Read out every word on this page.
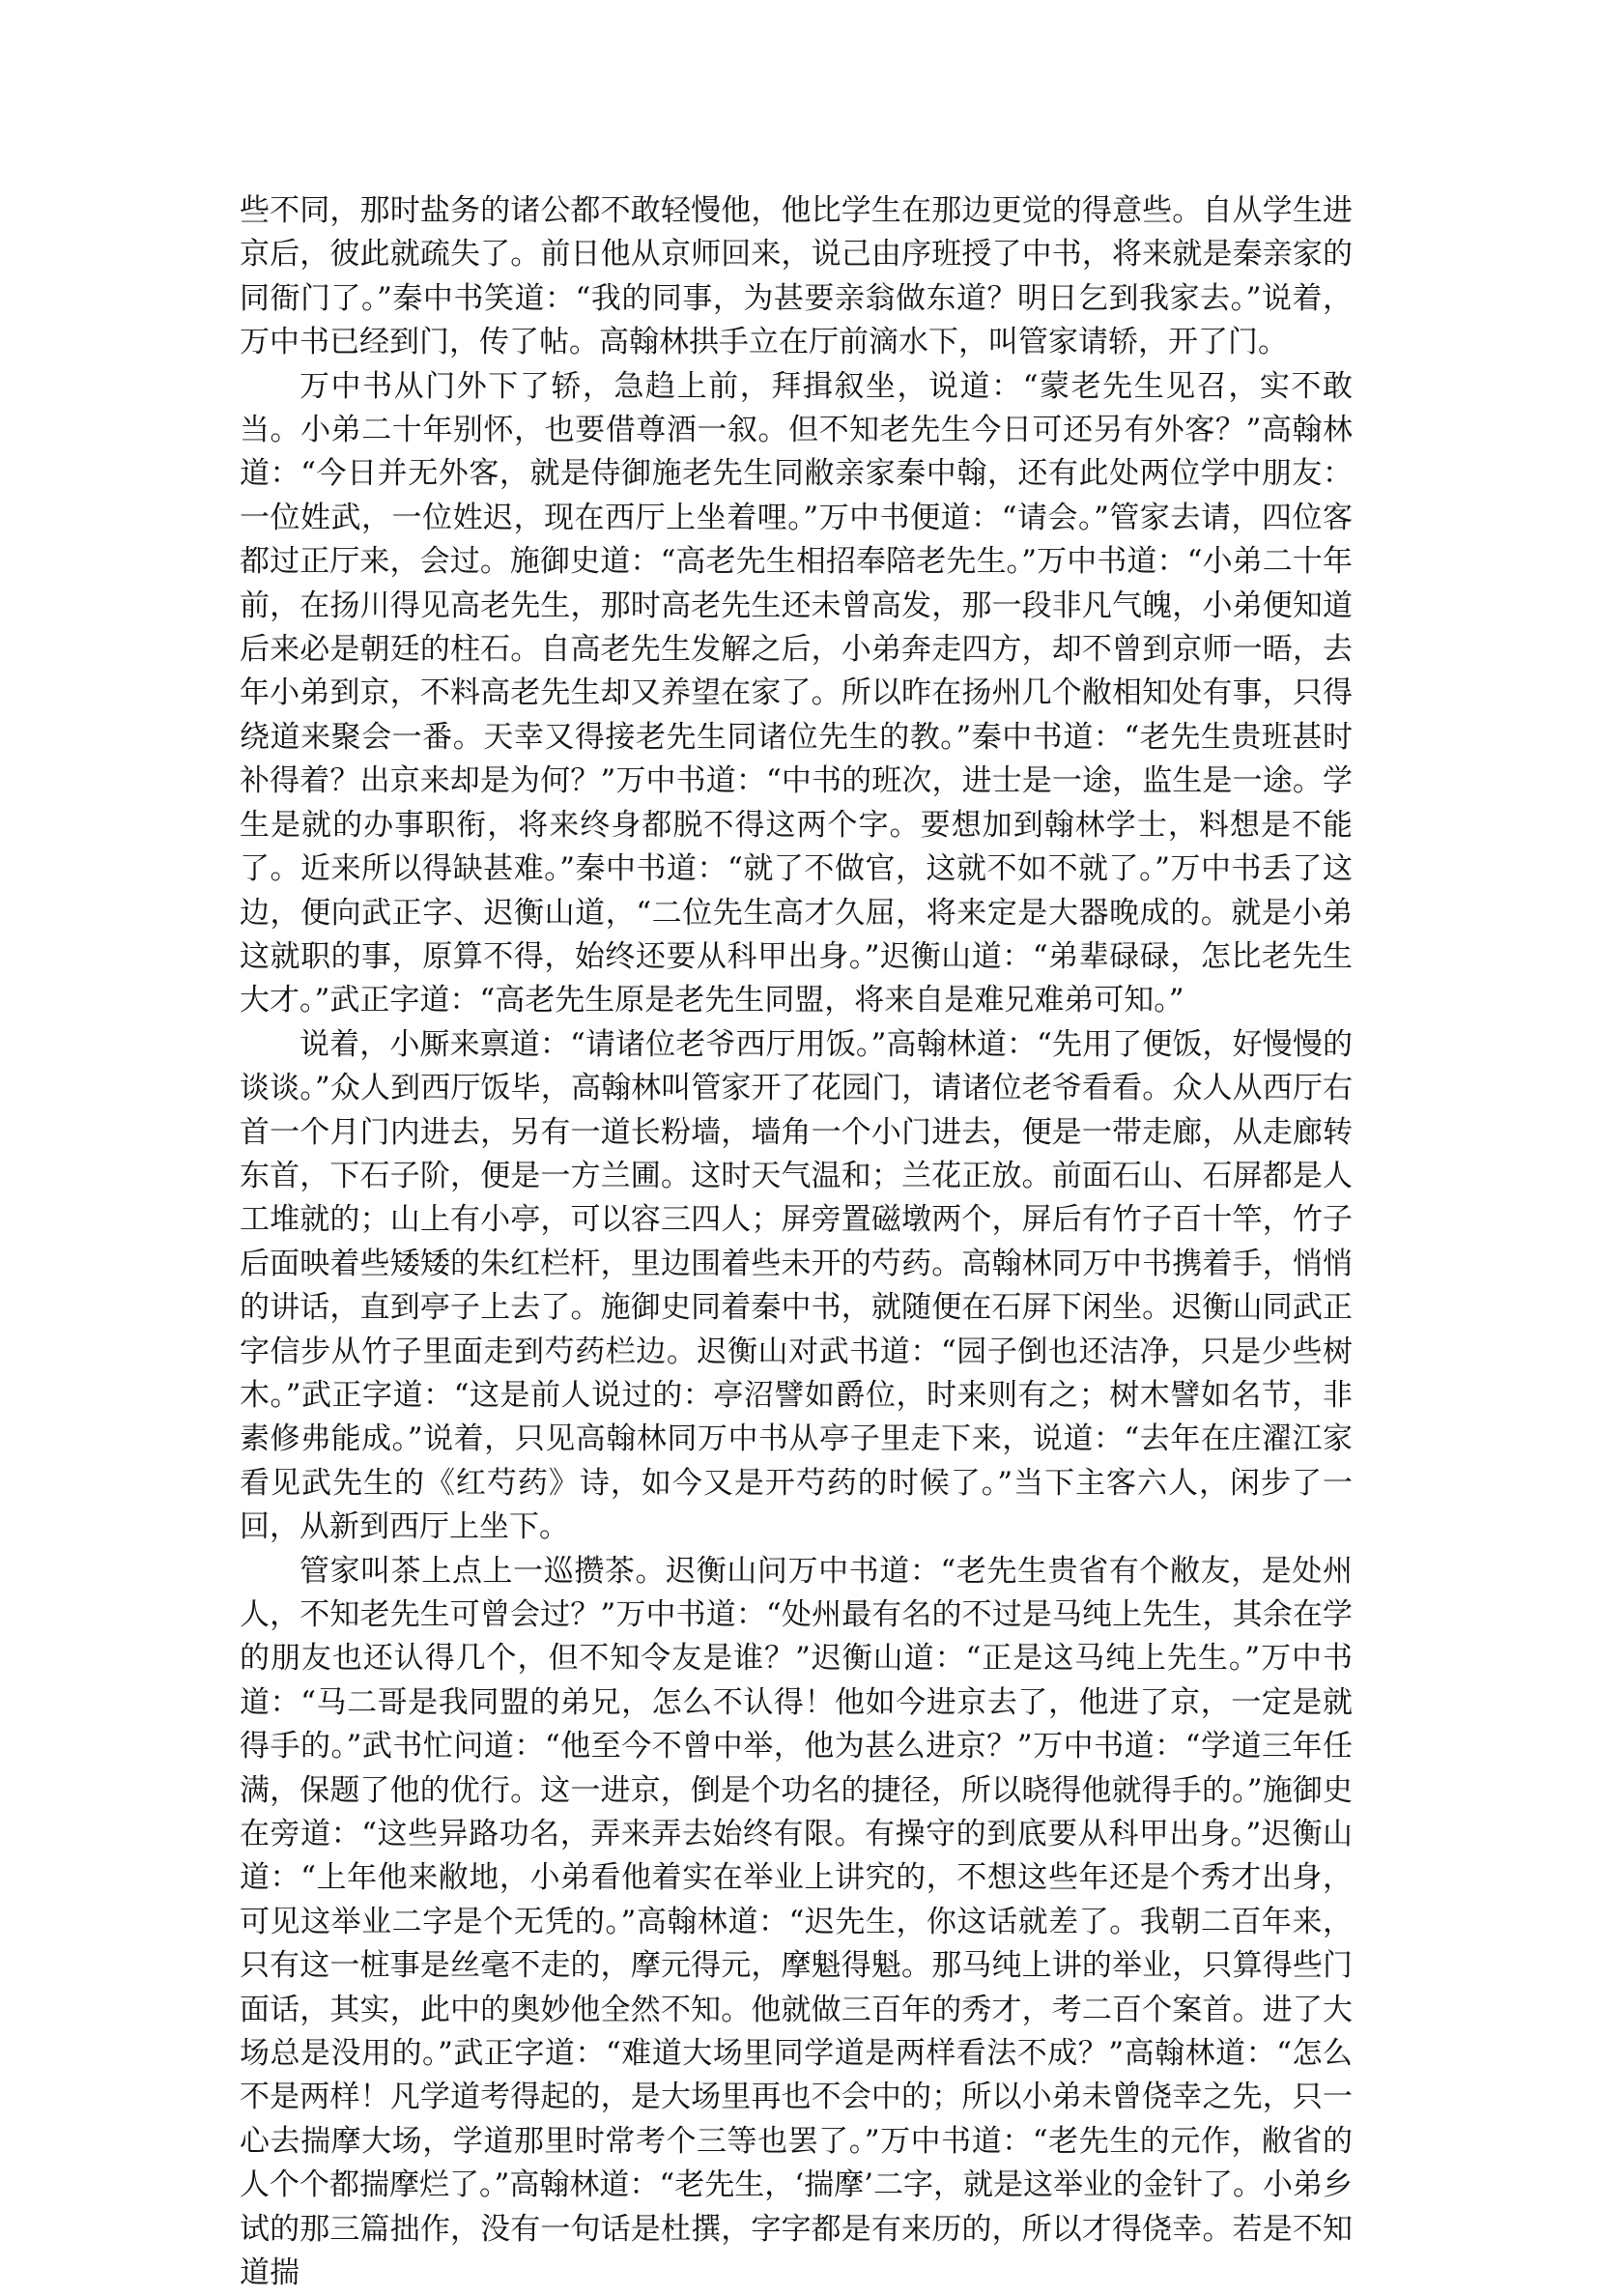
些不同，那时盐务的诸公都不敢轻慢他，他比学生在那边更觉的得意些。自从学生进京后，彼此就疏失了。前日他从京师回来，说己由序班授了中书，将来就是秦亲家的同衙门了。”秦中书笑道：“我的同事，为甚要亲翁做东道？明日乞到我家去。”说着，万中书已经到门，传了帖。高翰林拱手立在厅前滴水下，叫管家请轿，开了门。

万中书从门外下了轿，急趋上前，拜揖叙坐，说道：“蒙老先生见召，实不敢当。小弟二十年别怀，也要借尊酒一叙。但不知老先生今日可还另有外客？”高翰林道：“今日并无外客，就是侍御施老先生同敝亲家秦中翰，还有此处两位学中朋友：一位姓武，一位姓迟，现在西厅上坐着哩。”万中书便道：“请会。”管家去请，四位客都过正厅来，会过。施御史道：“高老先生相招奉陪老先生。”万中书道：“小弟二十年前，在扬川得见高老先生，那时高老先生还未曾高发，那一段非凡气魄，小弟便知道后来必是朝廷的柱石。自高老先生发解之后，小弟奔走四方，却不曾到京师一晤，去年小弟到京，不料高老先生却又养望在家了。所以昨在扬州几个敝相知处有事，只得绕道来聚会一番。天幸又得接老先生同诸位先生的教。”秦中书道：“老先生贵班甚时补得着？出京来却是为何？”万中书道：“中书的班次，进士是一途，监生是一途。学生是就的办事职衔，将来终身都脱不得这两个字。要想加到翰林学士，料想是不能了。近来所以得缺甚难。”秦中书道：“就了不做官，这就不如不就了。”万中书丢了这边，便向武正字、迟衡山道，“二位先生高才久屈，将来定是大器晚成的。就是小弟这就职的事，原算不得，始终还要从科甲出身。”迟衡山道：“弟辈碌碌，怎比老先生大才。”武正字道：“高老先生原是老先生同盟，将来自是难兄难弟可知。”

说着，小厮来禀道：“请诸位老爷西厅用饭。”高翰林道：“先用了便饭，好慢慢的谈谈。”众人到西厅饭毕，高翰林叫管家开了花园门，请诸位老爷看看。众人从西厅右首一个月门内进去，另有一道长粉墙，墙角一个小门进去，便是一带走廊，从走廊转东首，下石子阶，便是一方兰圃。这时天气温和；兰花正放。前面石山、石屏都是人工堆就的；山上有小亭，可以容三四人；屏旁置磁墩两个，屏后有竹子百十竿，竹子后面映着些矮矮的朱红栏杆，里边围着些未开的芍药。高翰林同万中书携着手，悄悄的讲话，直到亭子上去了。施御史同着秦中书，就随便在石屏下闲坐。迟衡山同武正字信步从竹子里面走到芍药栏边。迟衡山对武书道：“园子倒也还洁净，只是少些树木。”武正字道：“这是前人说过的：亭沼譬如爵位，时来则有之；树木譬如名节，非素修弗能成。”说着，只见高翰林同万中书从亭子里走下来，说道：“去年在庄濯江家看见武先生的《红芍药》诗，如今又是开芍药的时候了。”当下主客六人，闲步了一回，从新到西厅上坐下。

管家叫茶上点上一巡攒茶。迟衡山问万中书道：“老先生贵省有个敝友，是处州人，不知老先生可曾会过？”万中书道：“处州最有名的不过是马纯上先生，其余在学的朋友也还认得几个，但不知令友是谁？”迟衡山道：“正是这马纯上先生。”万中书道：“马二哥是我同盟的弟兄，怎么不认得！他如今进京去了，他进了京，一定是就得手的。”武书忙问道：“他至今不曾中举，他为甚么进京？”万中书道：“学道三年任满，保题了他的优行。这一进京，倒是个功名的捷径，所以晓得他就得手的。”施御史在旁道：“这些异路功名，弄来弄去始终有限。有操守的到底要从科甲出身。”迟衡山道：“上年他来敝地，小弟看他着实在举业上讲究的，不想这些年还是个秀才出身，可见这举业二字是个无凭的。”高翰林道：“迟先生，你这话就差了。我朝二百年来，只有这一桩事是丝毫不走的，摩元得元，摩魁得魁。那马纯上讲的举业，只算得些门面话，其实，此中的奥妙他全然不知。他就做三百年的秀才，考二百个案首。进了大场总是没用的。”武正字道：“难道大场里同学道是两样看法不成？”高翰林道：“怎么不是两样！凡学道考得起的，是大场里再也不会中的；所以小弟未曾侥幸之先，只一心去揣摩大场，学道那里时常考个三等也罢了。”万中书道：“老先生的元作，敝省的人个个都揣摩烂了。”高翰林道：“老先生，‘揣摩’二字，就是这举业的金针了。小弟乡试的那三篇拙作，没有一句话是杜撰，字字都是有来历的，所以才得侥幸。若是不知道揣
